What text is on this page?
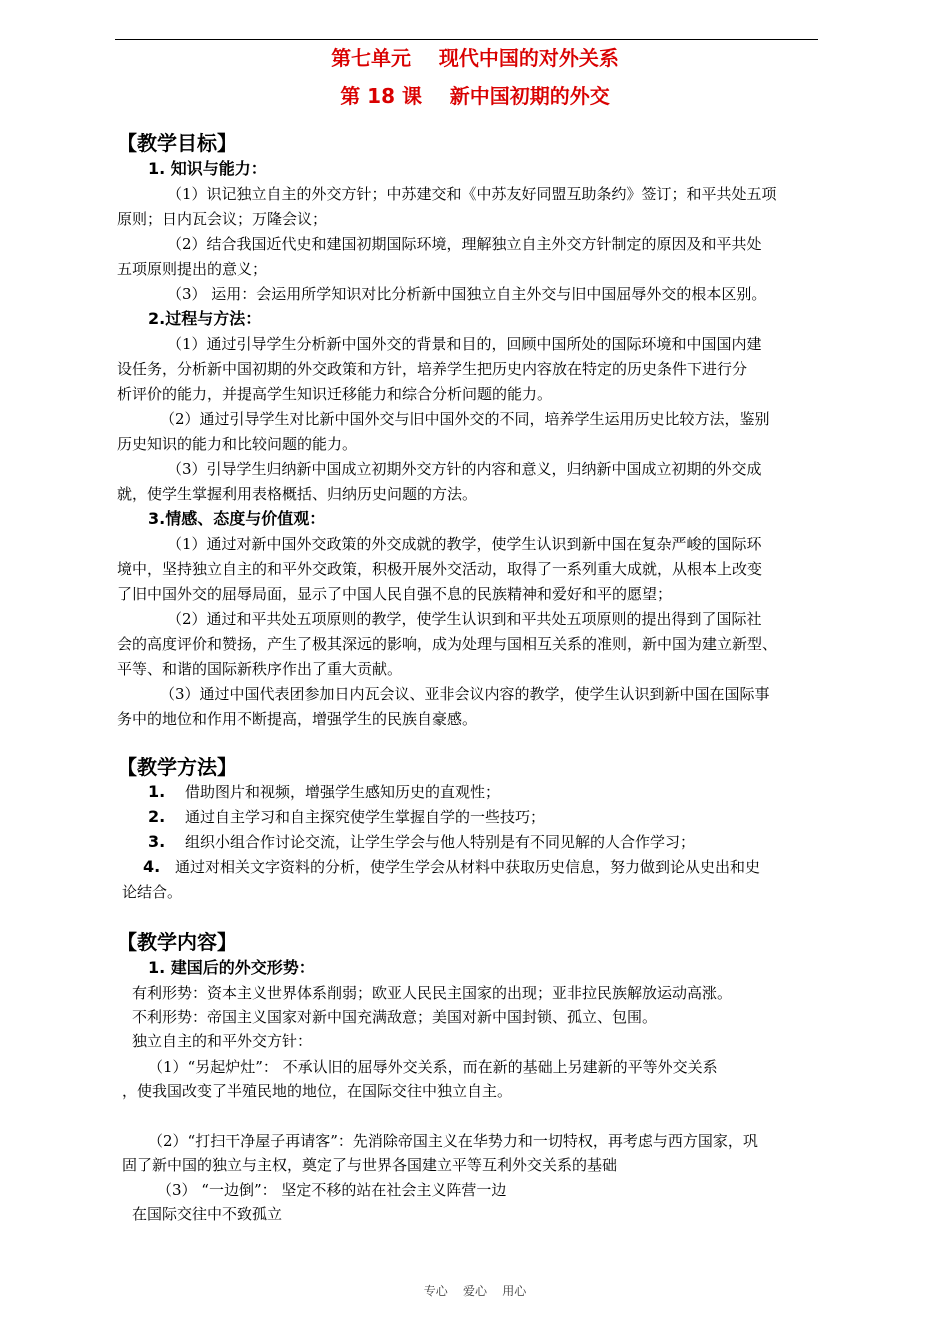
第七单元    现代中国的对外关系
第 18 课    新中国初期的外交
【教学目标】
1. 知识与能力：
（1）识记独立自主的外交方针；中苏建交和《中苏友好同盟互助条约》签订；和平共处五项
原则；日内瓦会议；万隆会议；
（2）结合我国近代史和建国初期国际环境，理解独立自主外交方针制定的原因及和平共处
五项原则提出的意义；
（3） 运用：会运用所学知识对比分析新中国独立自主外交与旧中国屈辱外交的根本区别。
2.过程与方法：
（1）通过引导学生分析新中国外交的背景和目的，回顾中国所处的国际环境和中国国内建
设任务，分析新中国初期的外交政策和方针，培养学生把历史内容放在特定的历史条件下进行分
析评价的能力，并提高学生知识迁移能力和综合分析问题的能力。
（2）通过引导学生对比新中国外交与旧中国外交的不同，培养学生运用历史比较方法，鉴别
历史知识的能力和比较问题的能力。
（3）引导学生归纳新中国成立初期外交方针的内容和意义，归纳新中国成立初期的外交成
就，使学生掌握利用表格概括、归纳历史问题的方法。
3.情感、态度与价值观：
（1）通过对新中国外交政策的外交成就的教学，使学生认识到新中国在复杂严峻的国际环
境中，坚持独立自主的和平外交政策，积极开展外交活动，取得了一系列重大成就，从根本上改变
了旧中国外交的屈辱局面，显示了中国人民自强不息的民族精神和爱好和平的愿望；
（2）通过和平共处五项原则的教学，使学生认识到和平共处五项原则的提出得到了国际社
会的高度评价和赞扬，产生了极其深远的影响，成为处理与国相互关系的准则，新中国为建立新型、
平等、和谐的国际新秩序作出了重大贡献。
（3）通过中国代表团参加日内瓦会议、亚非会议内容的教学，使学生认识到新中国在国际事
务中的地位和作用不断提高，增强学生的民族自豪感。
【教学方法】
1. 借助图片和视频，增强学生感知历史的直观性；
2. 通过自主学习和自主探究使学生掌握自学的一些技巧；
3. 组织小组合作讨论交流，让学生学会与他人特别是有不同见解的人合作学习；
4. 通过对相关文字资料的分析，使学生学会从材料中获取历史信息，努力做到论从史出和史
论结合。
【教学内容】
1. 建国后的外交形势：
有利形势：资本主义世界体系削弱；欧亚人民民主国家的出现；亚非拉民族解放运动高涨。
不利形势：帝国主义国家对新中国充满敌意；美国对新中国封锁、孤立、包围。
独立自主的和平外交方针：
（1）“另起炉灶”： 不承认旧的屈辱外交关系，而在新的基础上另建新的平等外交关系
，使我国改变了半殖民地的地位，在国际交往中独立自主。
（2）“打扫干净屋子再请客”：先消除帝国主义在华势力和一切特权，再考虑与西方国家，巩
固了新中国的独立与主权，奠定了与世界各国建立平等互利外交关系的基础
（3） “一边倒”： 坚定不移的站在社会主义阵营一边
在国际交往中不致孤立
专心    爱心    用心
